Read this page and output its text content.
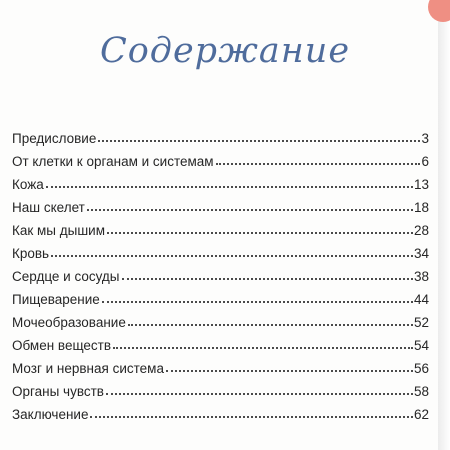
Содержание
Предисловие	3
От клетки к органам и системам	6
Кожа	13
Наш скелет	18
Как мы дышим	28
Кровь	34
Сердце и сосуды	38
Пищеварение	44
Мочеобразование	52
Обмен веществ	54
Мозг и нервная система	56
Органы чувств	58
Заключение	62
